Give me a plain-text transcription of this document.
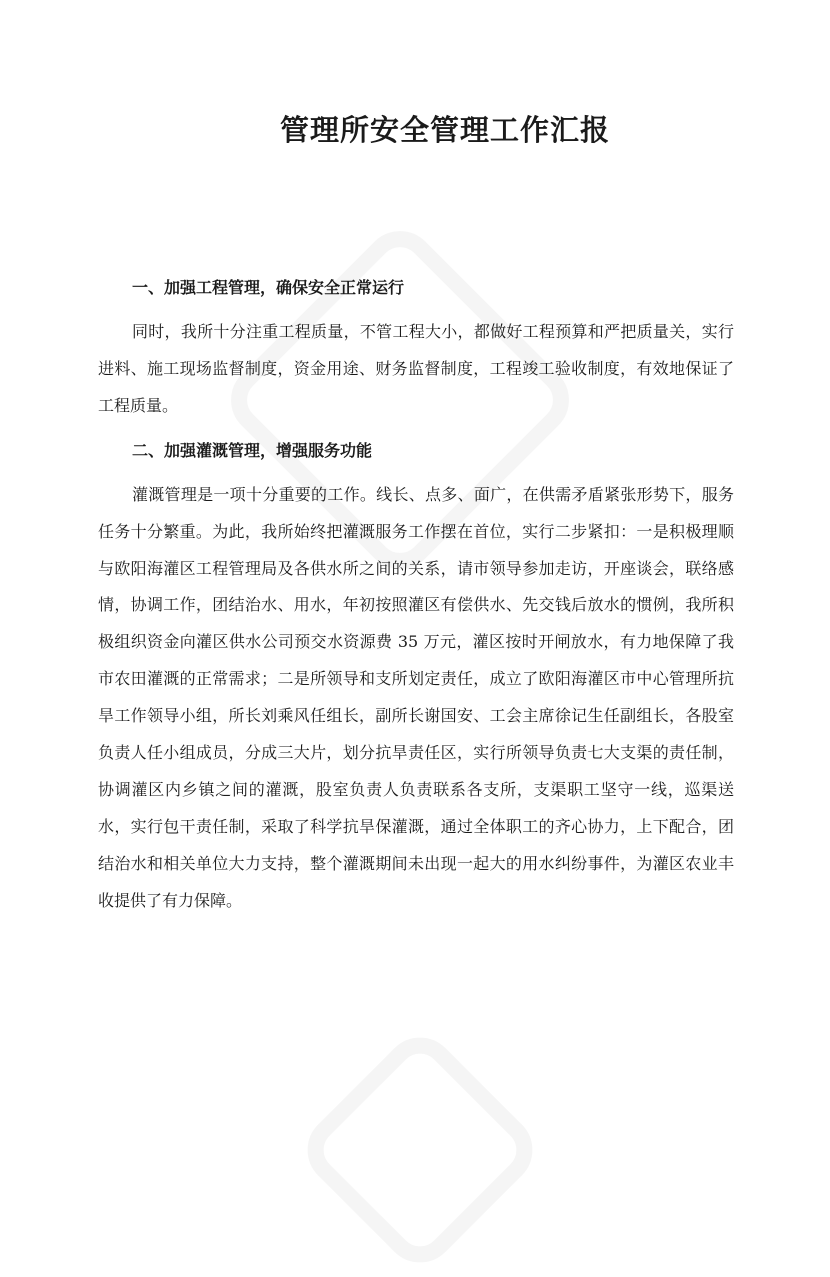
管理所安全管理工作汇报
一、加强工程管理，确保安全正常运行

同时，我所十分注重工程质量，不管工程大小，都做好工程预算和严把质量关，实行进料、施工现场监督制度，资金用途、财务监督制度，工程竣工验收制度，有效地保证了工程质量。

二、加强灌溉管理，增强服务功能

灌溉管理是一项十分重要的工作。线长、点多、面广，在供需矛盾紧张形势下，服务任务十分繁重。为此，我所始终把灌溉服务工作摆在首位，实行二步紧扣：一是积极理顺与欧阳海灌区工程管理局及各供水所之间的关系，请市领导参加走访，开座谈会，联络感情，协调工作，团结治水、用水，年初按照灌区有偿供水、先交钱后放水的惯例，我所积极组织资金向灌区供水公司预交水资源费 35 万元，灌区按时开闸放水，有力地保障了我市农田灌溉的正常需求；二是所领导和支所划定责任，成立了欧阳海灌区市中心管理所抗旱工作领导小组，所长刘乘风任组长，副所长谢国安、工会主席徐记生任副组长，各股室负责人任小组成员，分成三大片，划分抗旱责任区，实行所领导负责七大支渠的责任制，协调灌区内乡镇之间的灌溉，股室负责人负责联系各支所，支渠职工坚守一线，巡渠送水，实行包干责任制，采取了科学抗旱保灌溉，通过全体职工的齐心协力，上下配合，团结治水和相关单位大力支持，整个灌溉期间未出现一起大的用水纠纷事件，为灌区农业丰收提供了有力保障。
